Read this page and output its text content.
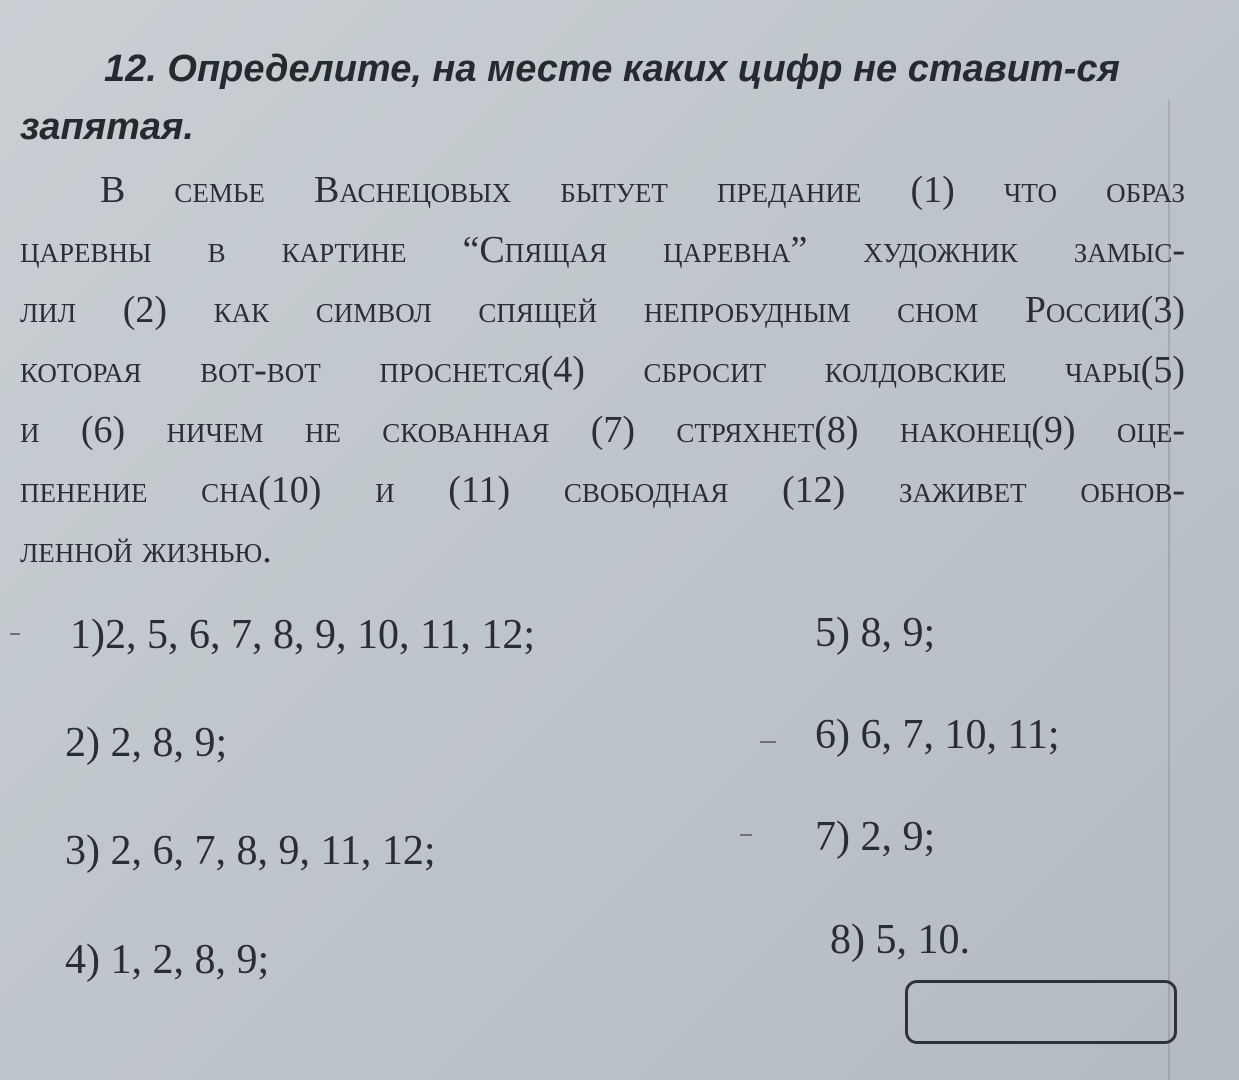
12. Определите, на месте каких цифр не ставит-ся запятая.

В семье Васнецовых бытует предание (1) что образ
царевны в картине “Спящая царевна” художник замыс-
лил (2) как символ спящей непробудным сном России(3)
которая вот-вот проснется(4) сбросит колдовские чары(5)
и (6) ничем не скованная (7) стряхнет(8) наконец(9) оце-
пенение сна(10) и (11) свободная (12) заживет обнов-
ленной жизнью.
1)2, 5, 6, 7, 8, 9, 10, 11, 12;
2) 2, 8, 9;
3) 2, 6, 7, 8, 9, 11, 12;
4) 1, 2, 8, 9;
5) 8, 9;
6) 6, 7, 10, 11;
7) 2, 9;
8) 5, 10.
